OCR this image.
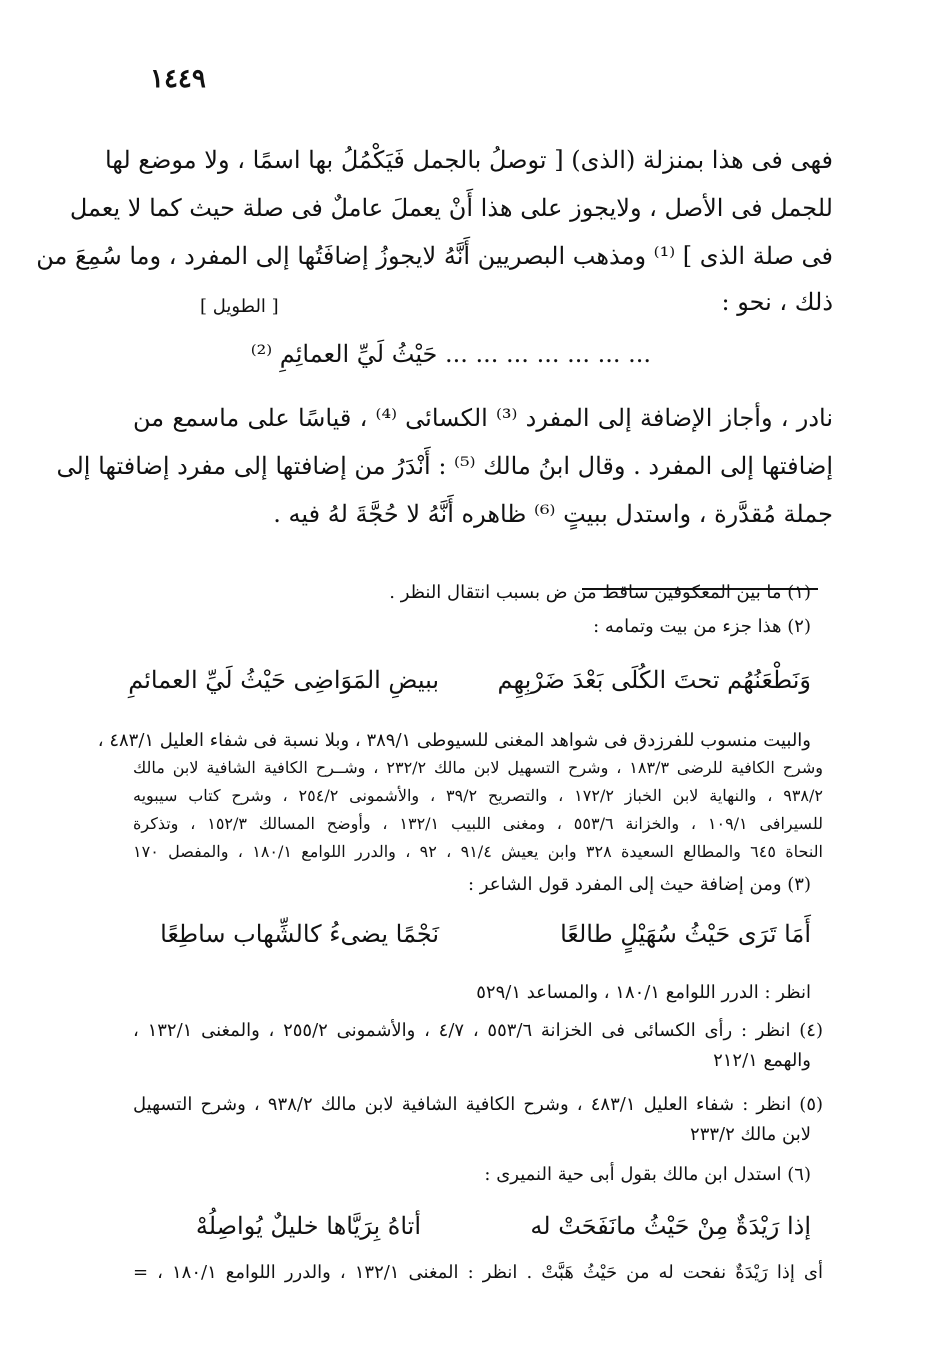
١٤٤٩
فهى فى هذا بمنزلة (الذى) [ توصلُ بالجمل فَيَكْمُلُ بها اسمًا ، ولا موضع لها
للجمل فى الأصل ، ولايجوز على هذا أَنْ يعملَ عاملٌ فى صلة حيث كما لا يعمل
فى صلة الذى ] ⁽¹⁾ ومذهب البصريين أَنَّهُ لايجوزُ إضافَتُها إلى المفرد ، وما سُمِعَ من
ذلك ، نحو :
[ الطويل ]
... ... ... ... ... ... ... حَيْثُ لَيِّ العمائِمِ ⁽²⁾
نادر ، وأجاز الإضافة إلى المفرد ⁽³⁾ الكسائى ⁽⁴⁾ ، قياسًا على ماسمع من
إضافتها إلى المفرد . وقال ابنُ مالك ⁽⁵⁾ : أَنْدَرُ من إضافتها إلى مفرد إضافتها إلى
جملة مُقدَّرة ، واستدل ببيتٍ ⁽⁶⁾ ظاهره أَنَّهُ لا حُجَّةَ لهُ فيه .
(١) ما بين المعكوفين ساقط من ض بسبب انتقال النظر .
(٢) هذا جزء من بيت وتمامه :
وَنَطْعَنُهُم تحتَ الكُلَى بَعْدَ ضَرْبِهِم
ببيضِ المَوَاضِى حَيْثُ لَيِّ العمائمِ
والبيت منسوب للفرزدق فى شواهد المغنى للسيوطى ٣٨٩/١ ، وبلا نسبة فى شفاء العليل ٤٨٣/١ ،
وشرح الكافية للرضى ١٨٣/٣ ، وشرح التسهيل لابن مالك ٢٣٢/٢ ، وشــرح الكافية الشافية لابن مالك
٩٣٨/٢ ، والنهاية لابن الخباز ١٧٢/٢ ، والتصريح ٣٩/٢ ، والأشمونى ٢٥٤/٢ ، وشرح كتاب سيبويه
للسيرافى ١٠٩/١ ، والخزانة ٥٥٣/٦ ، ومغنى اللبيب ١٣٢/١ ، وأوضح المسالك ١٥٢/٣ ، وتذكرة
النحاة ٦٤٥ والمطالع السعيدة ٣٢٨ وابن يعيش ٩١/٤ ، ٩٢ ، والدرر اللوامع ١٨٠/١ ، والمفصل ١٧٠
(٣) ومن إضافة حيث إلى المفرد قول الشاعر :
أَمَا تَرَى حَيْثُ سُهَيْلٍ طالعًا
نَجْمًا يضىءُ كالشِّهاب ساطِعًا
انظر : الدرر اللوامع ١٨٠/١ ، والمساعد ٥٢٩/١
(٤) انظر : رأى الكسائى فى الخزانة ٥٥٣/٦ ، ٤/٧ ، والأشمونى ٢٥٥/٢ ، والمغنى ١٣٢/١ ،
والهمع ٢١٢/١
(٥) انظر : شفاء العليل ٤٨٣/١ ، وشرح الكافية الشافية لابن مالك ٩٣٨/٢ ، وشرح التسهيل
لابن مالك ٢٣٣/٢
(٦) استدل ابن مالك بقول أبى حية النميرى :
إذا رَيْدَةٌ مِنْ حَيْثُ مانَفَحَتْ له
أتاهُ بِرَيَّاها خليلٌ يُواصِلُهْ
أى إذا رَيْدَةٌ نفحت له من حَيْثُ هَبَّتْ . انظر : المغنى ١٣٢/١ ، والدرر اللوامع ١٨٠/١ ، =
